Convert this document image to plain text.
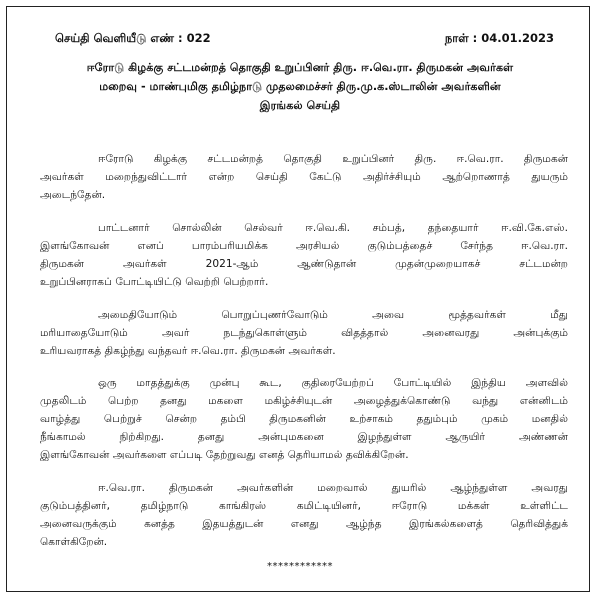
செய்தி வெளியீடு எண் : 022	நாள் : 04.01.2023
ஈரோடு கிழக்கு சட்டமன்றத் தொகுதி உறுப்பினர் திரு. ஈ.வெ.ரா. திருமகன் அவர்கள்
மறைவு - மாண்புமிகு தமிழ்நாடு முதலமைச்சர் திரு.மு.க.ஸ்டாலின் அவர்களின்
இரங்கல் செய்தி
ஈரோடு கிழக்கு சட்டமன்றத் தொகுதி உறுப்பினர் திரு. ஈ.வெ.ரா. திருமகன்
அவர்கள் மறைந்துவிட்டார் என்ற செய்தி கேட்டு அதிர்ச்சியும் ஆற்றொணாத் துயரும்
அடைந்தேன்.
பாட்டனார் சொல்லின் செல்வர் ஈ.வெ.கி. சம்பத், தந்தையார் ஈ.வி.கே.எஸ்.
இளங்கோவன் எனப் பாரம்பரியமிக்க அரசியல் குடும்பத்தைச் சேர்ந்த ஈ.வெ.ரா.
திருமகன் அவர்கள் 2021-ஆம் ஆண்டுதான் முதன்முறையாகச் சட்டமன்ற
உறுப்பினராகப் போட்டியிட்டு வெற்றி பெற்றார்.
அமைதியோடும் பொறுப்புணர்வோடும் அவை மூத்தவர்கள் மீது
மரியாதையோடும் அவர் நடந்துகொள்ளும் விதத்தால் அனைவரது அன்புக்கும்
உரியவராகத் திகழ்ந்து வந்தவர் ஈ.வெ.ரா. திருமகன் அவர்கள்.
ஒரு மாதத்துக்கு முன்பு கூட, குதிரையேற்றப் போட்டியில் இந்திய அளவில்
முதலிடம் பெற்ற தனது மகளை மகிழ்ச்சியுடன் அழைத்துக்கொண்டு வந்து என்னிடம்
வாழ்த்து பெற்றுச் சென்ற தம்பி திருமகனின் உற்சாகம் ததும்பும் முகம் மனதில்
நீங்காமல் நிற்கிறது. தனது அன்புமகனை இழந்துள்ள ஆருயிர் அண்ணன்
இளங்கோவன் அவர்களை எப்படி தேற்றுவது எனத் தெரியாமல் தவிக்கிறேன்.
ஈ.வெ.ரா. திருமகன் அவர்களின் மறைவால் துயரில் ஆழ்ந்துள்ள அவரது
குடும்பத்தினர், தமிழ்நாடு காங்கிரஸ் கமிட்டியினர், ஈரோடு மக்கள் உள்ளிட்ட
அனைவருக்கும் கனத்த இதயத்துடன் எனது ஆழ்ந்த இரங்கல்களைத் தெரிவித்துக்
கொள்கிறேன்.
************
